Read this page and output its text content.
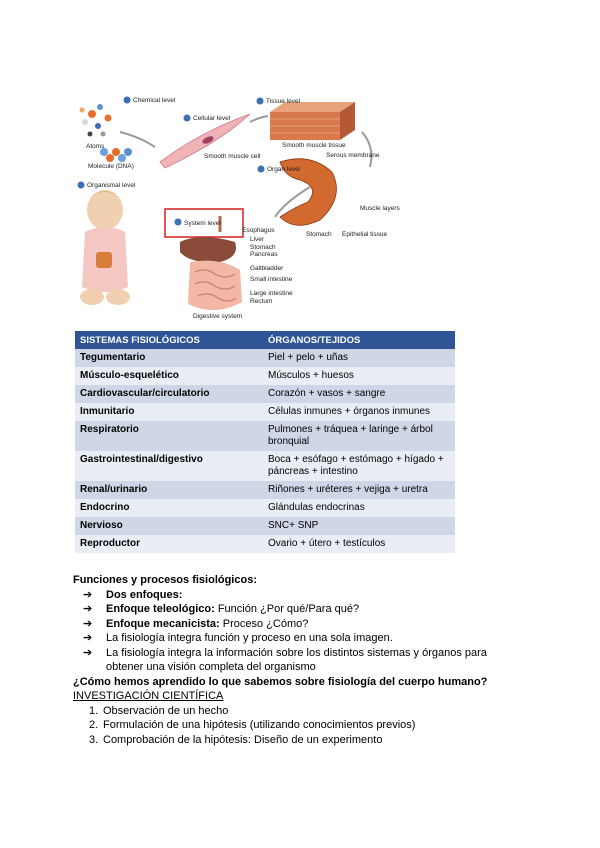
Chemical level
Cellular level
Tissue level
Atoms
Molecule (DNA)
Smooth muscle cell
Smooth muscle tissue
Serous membrane
Organ level
Organismal level
System level
Muscle layers
Stomach Epithelial tissue
Esophagus
Liver
Stomach
Pancreas
Gallbladder
Small intestine
Large intestine
Rectum
Digestive system
SISTEMAS FISIOLÓGICOS	ÓRGANOS/TEJIDOS
Tegumentario	Piel + pelo + uñas
Músculo-esquelético	Músculos + huesos
Cardiovascular/circulatorio	Corazón + vasos + sangre
Inmunitario	Células inmunes + órganos inmunes
Respiratorio	Pulmones + tráquea + laringe + árbol bronquial
Gastrointestinal/digestivo	Boca + esófago + estómago + hígado + páncreas + intestino
Renal/urinario	Riñones + uréteres + vejiga + uretra
Endocrino	Glándulas endocrinas
Nervioso	SNC+ SNP
Reproductor	Ovario + útero + testículos

Funciones y procesos fisiológicos:

➔ Dos enfoques:
➔ Enfoque teleológico: Función ¿Por qué/Para qué?
➔ Enfoque mecanicista: Proceso ¿Cómo?
➔ La fisiología integra función y proceso en una sola imagen.
➔ La fisiología integra la información sobre los distintos sistemas y órganos para obtener una visión completa del organismo

¿Cómo hemos aprendido lo que sabemos sobre fisiología del cuerpo humano?

INVESTIGACIÓN CIENTÍFICA

1. Observación de un hecho
2. Formulación de una hipótesis (utilizando conocimientos previos)
3. Comprobación de la hipótesis: Diseño de un experimento
